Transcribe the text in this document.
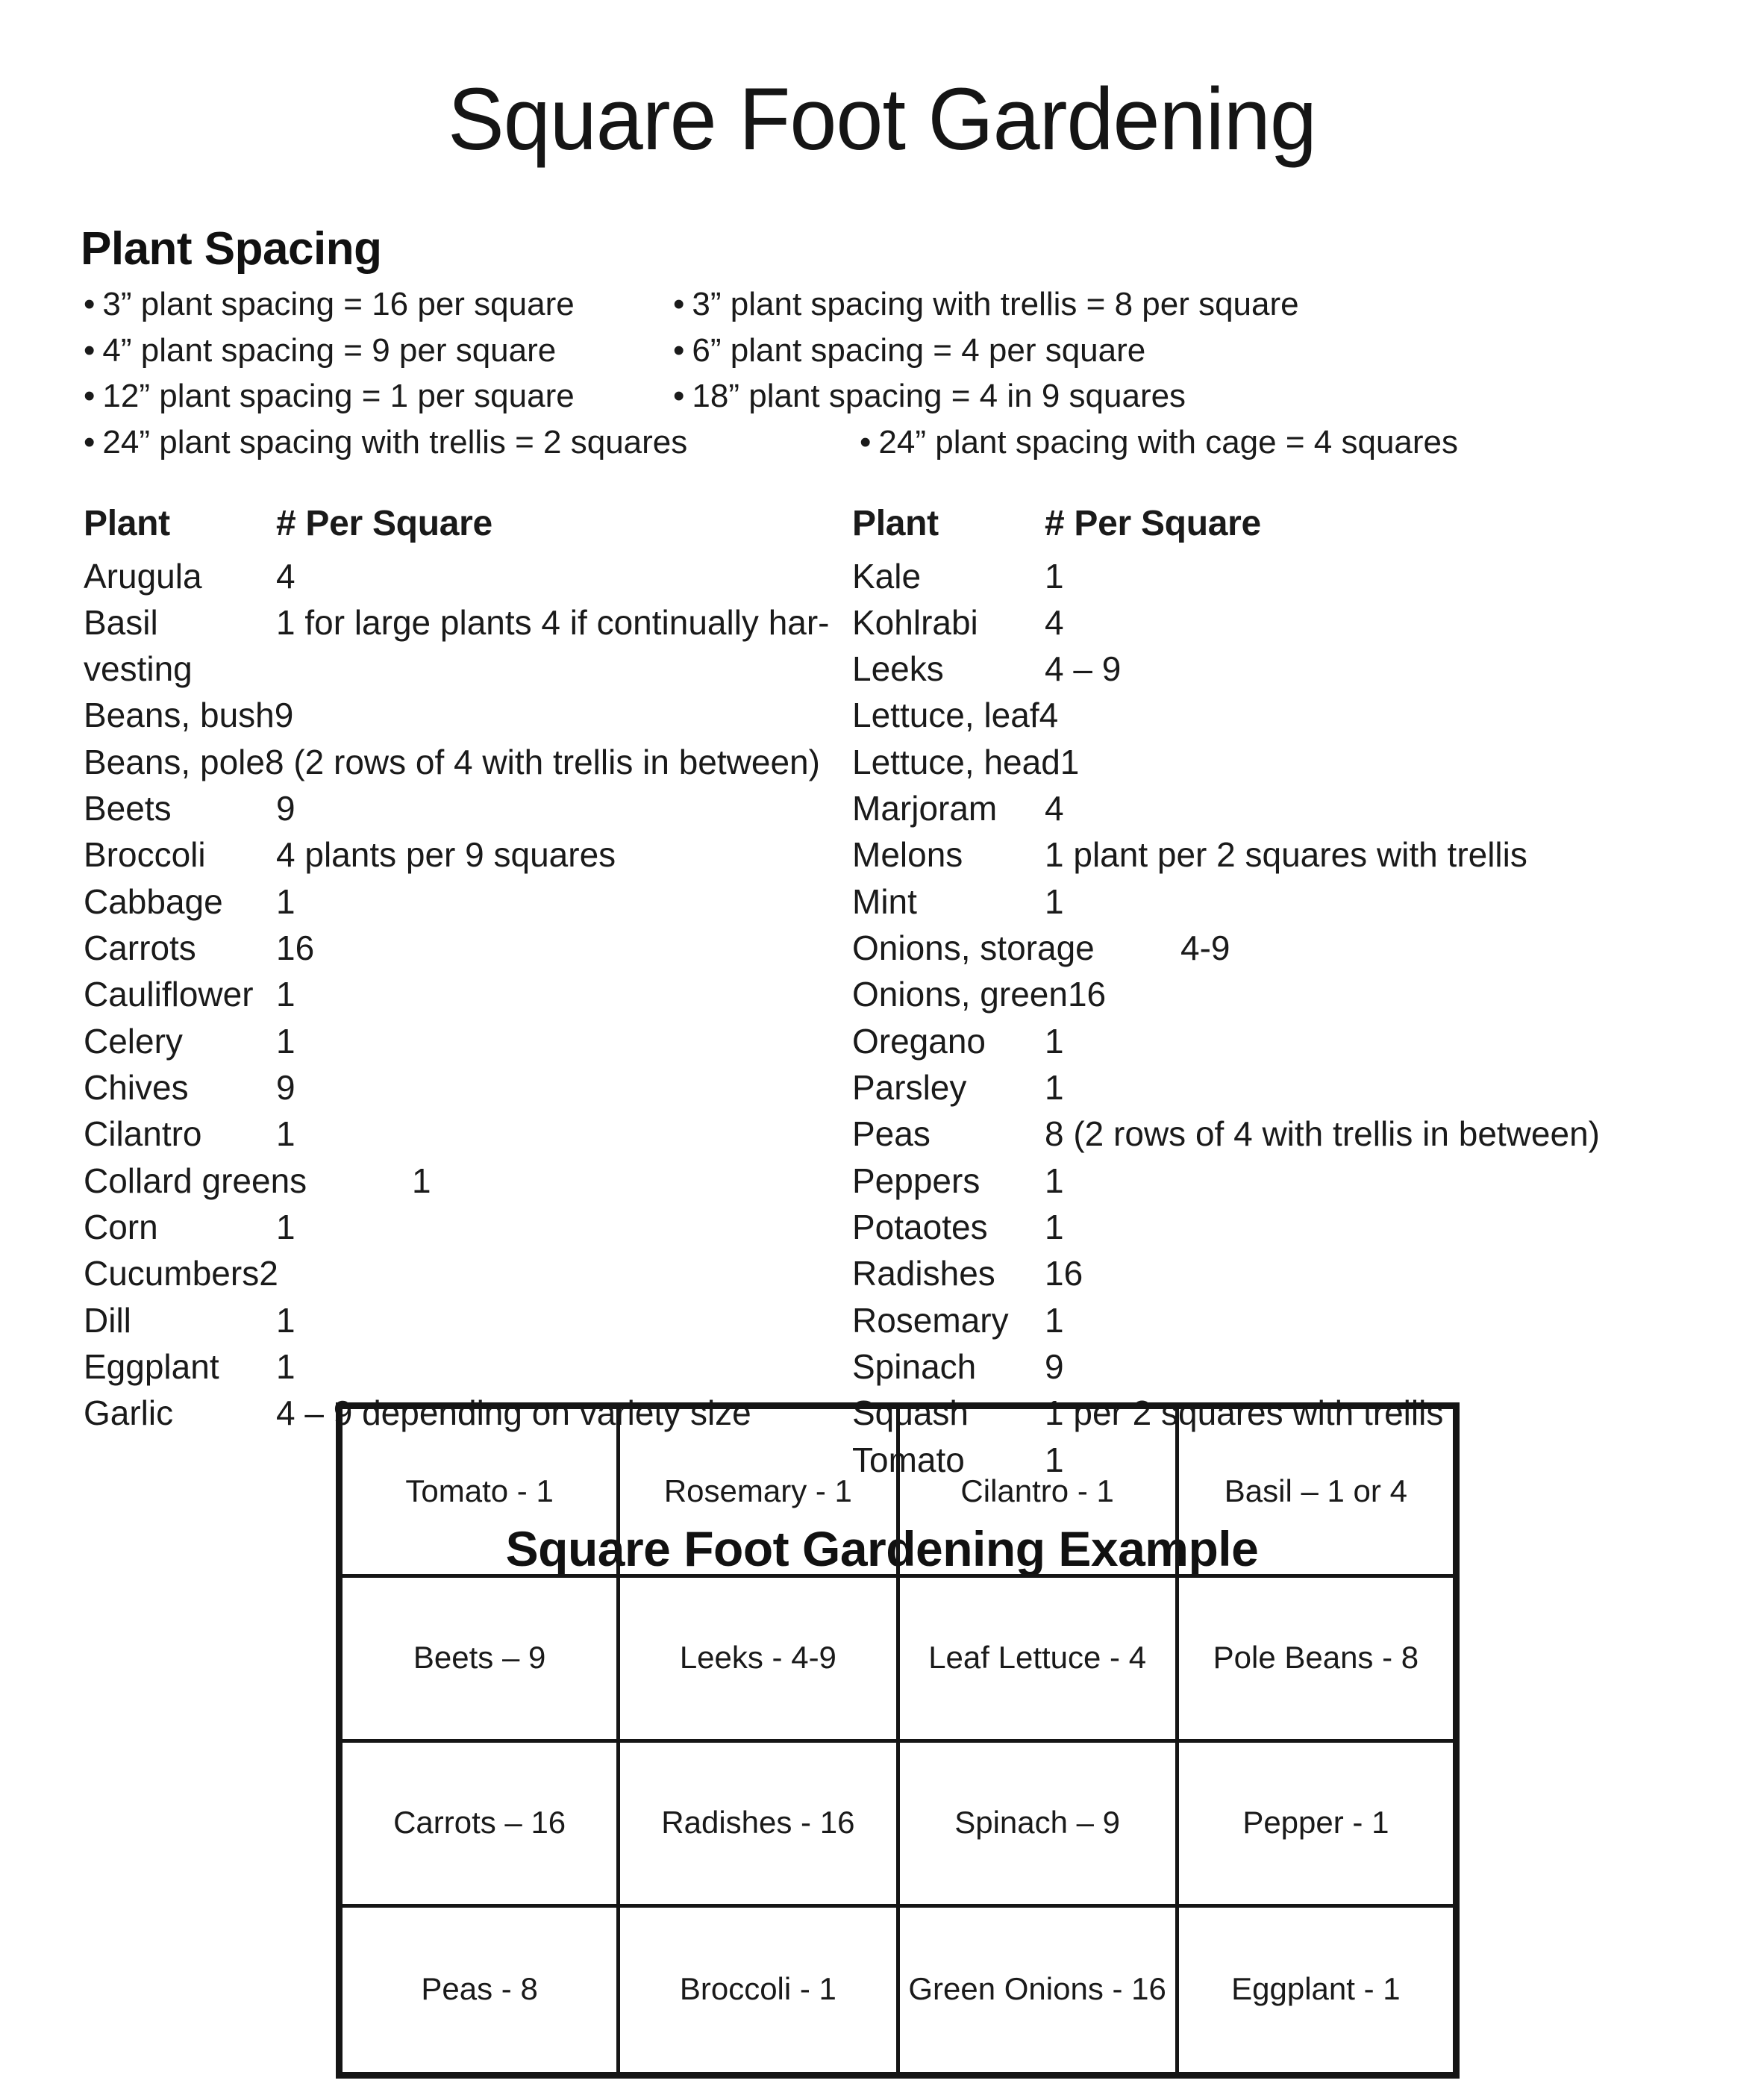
Square Foot Gardening
Plant Spacing
• 3” plant spacing = 16 per square	• 3” plant spacing with trellis = 8 per square
• 4” plant spacing = 9 per square	• 6” plant spacing = 4 per square
• 12” plant spacing = 1 per square	• 18” plant spacing = 4 in 9 squares
• 24” plant spacing with trellis = 2 squares	• 24” plant spacing with cage = 4 squares
Plant	# Per Square
Arugula	4
Basil	1 for large plants 4 if continually har-
vesting
Beans, bush 9
Beans, pole 8 (2 rows of 4 with trellis in between)
Beets	9
Broccoli	4 plants per 9 squares
Cabbage	1
Carrots	16
Cauliflower 1
Celery	1
Chives	9
Cilantro	1
Collard greens	1
Corn	1
Cucumbers 2
Dill	1
Eggplant	1
Garlic	4 – 9 depending on variety size
Plant	# Per Square
Kale	1
Kohlrabi	4
Leeks	4 – 9
Lettuce, leaf 4
Lettuce, head 1
Marjoram	4
Melons	1 plant per 2 squares with trellis
Mint	1
Onions, storage	4-9
Onions, green 16
Oregano	1
Parsley	1
Peas	8 (2 rows of 4 with trellis in between)
Peppers	1
Potaotes	1
Radishes	16
Rosemary	1
Spinach	9
Squash	1 per 2 squares with trellis
Tomato	1
Square Foot Gardening Example
Tomato - 1	Rosemary - 1	Cilantro - 1	Basil – 1 or 4
Beets – 9	Leeks - 4-9	Leaf Lettuce - 4	Pole Beans - 8
Carrots – 16	Radishes - 16	Spinach – 9	Pepper - 1
Peas - 8	Broccoli - 1	Green Onions - 16	Eggplant - 1
